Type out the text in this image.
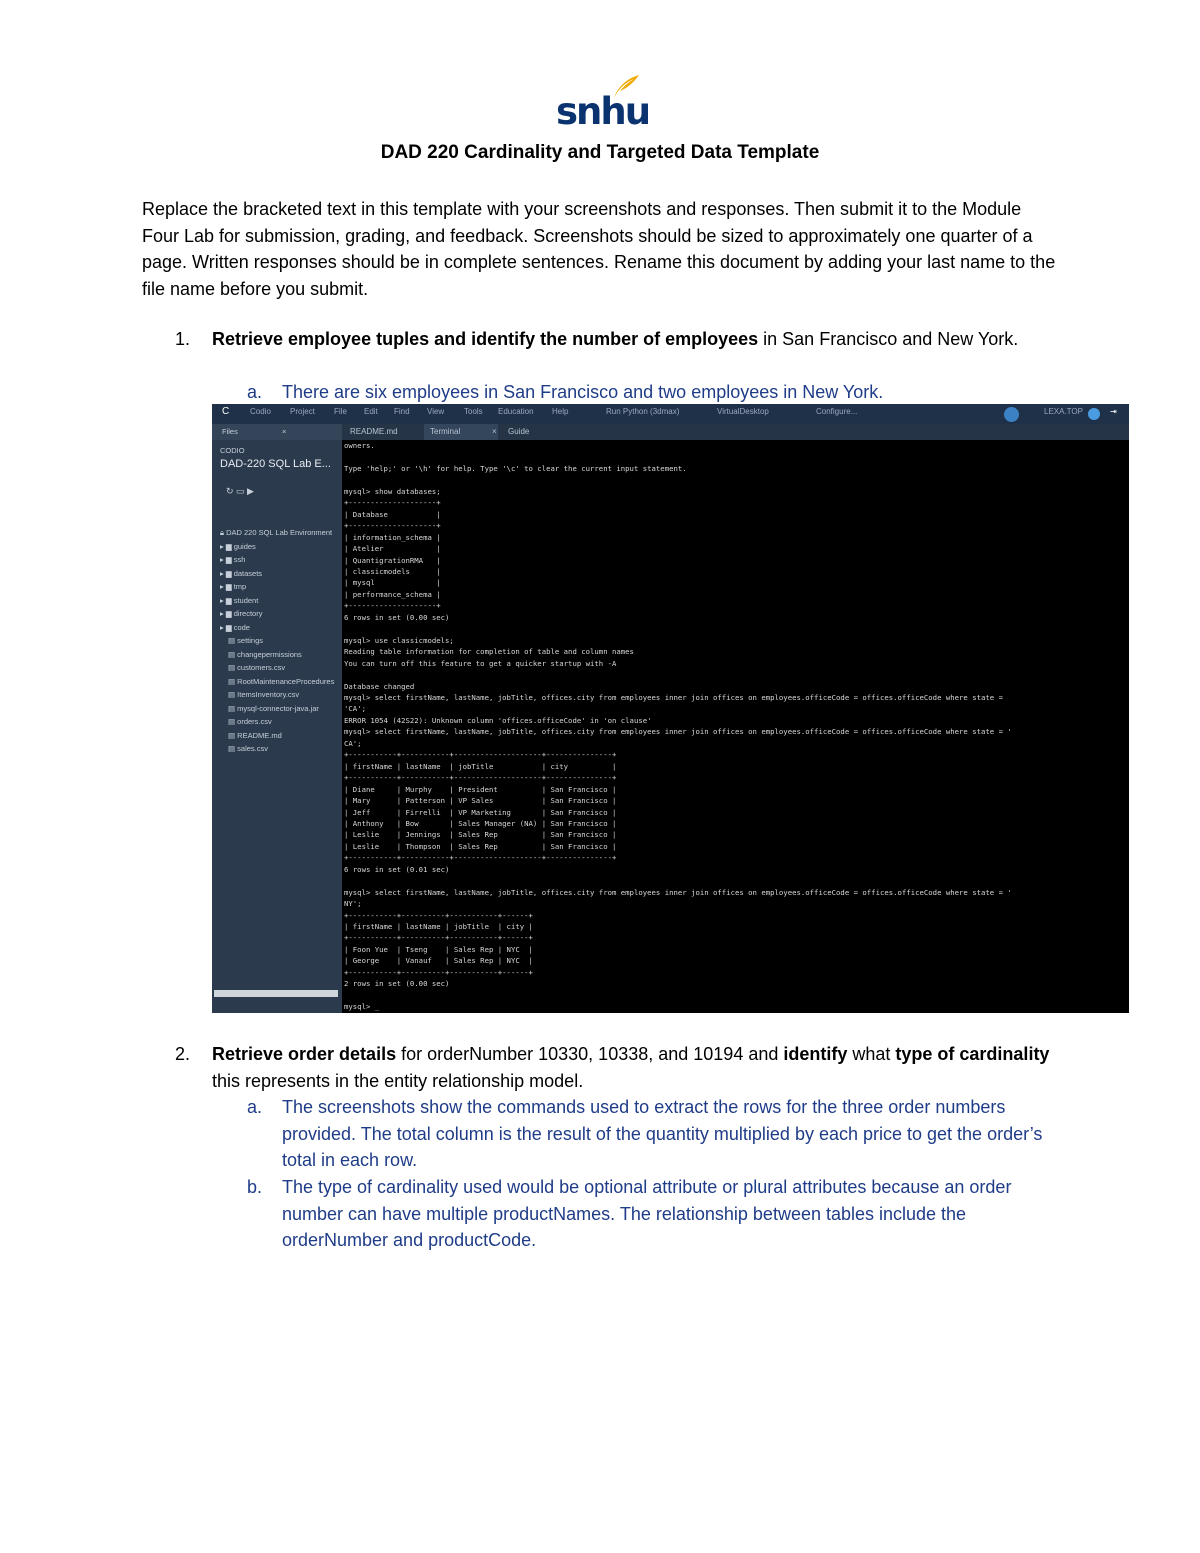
snhu
DAD 220 Cardinality and Targeted Data Template
Replace the bracketed text in this template with your screenshots and responses. Then submit it to the Module Four Lab for submission, grading, and feedback. Screenshots should be sized to approximately one quarter of a page. Written responses should be in complete sentences. Rename this document by adding your last name to the file name before you submit.
1. Retrieve employee tuples and identify the number of employees in San Francisco and New York.
a. There are six employees in San Francisco and two employees in New York.
C	Codio Project File Edit Find View Tools Education Help	Run Python (3dmax)	VirtualDesktop	Configure...	LEXA.TOP	⇥
Files	×
CODIO
DAD-220 SQL Lab E...
↻ ▭ ▶
🔒︎ DAD 220 SQL Lab Environment
▸ ▆ guides
▸ ▆ ssh
▸ ▆ datasets
▸ ▆ tmp
▸ ▆ student
▸ ▆ directory
▸ ▆ code
▤ settings
▤ changepermissions
▤ customers.csv
▤ RootMaintenanceProcedures
▤ ItemsInventory.csv
▤ mysql-connector-java.jar
▤ orders.csv
▤ README.md
▤ sales.csv
README.md	Terminal	× Guide
owners.

Type 'help;' or '\h' for help. Type '\c' to clear the current input statement.

mysql> show databases;
+--------------------+
| Database           |
+--------------------+
| information_schema |
| Atelier            |
| QuantigrationRMA   |
| classicmodels      |
| mysql              |
| performance_schema |
+--------------------+
6 rows in set (0.00 sec)

mysql> use classicmodels;
Reading table information for completion of table and column names
You can turn off this feature to get a quicker startup with -A

Database changed
mysql> select firstName, lastName, jobTitle, offices.city from employees inner join offices on employees.officeCode = offices.officeCode where state =
'CA';
ERROR 1054 (42S22): Unknown column 'offices.officeCode' in 'on clause'
mysql> select firstName, lastName, jobTitle, offices.city from employees inner join offices on employees.officeCode = offices.officeCode where state = '
CA';
+-----------+-----------+--------------------+---------------+
| firstName | lastName  | jobTitle           | city          |
+-----------+-----------+--------------------+---------------+
| Diane     | Murphy    | President          | San Francisco |
| Mary      | Patterson | VP Sales           | San Francisco |
| Jeff      | Firrelli  | VP Marketing       | San Francisco |
| Anthony   | Bow       | Sales Manager (NA) | San Francisco |
| Leslie    | Jennings  | Sales Rep          | San Francisco |
| Leslie    | Thompson  | Sales Rep          | San Francisco |
+-----------+-----------+--------------------+---------------+
6 rows in set (0.01 sec)

mysql> select firstName, lastName, jobTitle, offices.city from employees inner join offices on employees.officeCode = offices.officeCode where state = '
NY';
+-----------+----------+-----------+------+
| firstName | lastName | jobTitle  | city |
+-----------+----------+-----------+------+
| Foon Yue  | Tseng    | Sales Rep | NYC  |
| George    | Vanauf   | Sales Rep | NYC  |
+-----------+----------+-----------+------+
2 rows in set (0.00 sec)

mysql> _
2. Retrieve order details for orderNumber 10330, 10338, and 10194 and identify what type of cardinality this represents in the entity relationship model.
a. The screenshots show the commands used to extract the rows for the three order numbers provided. The total column is the result of the quantity multiplied by each price to get the order’s total in each row.
b. The type of cardinality used would be optional attribute or plural attributes because an order number can have multiple productNames. The relationship between tables include the orderNumber and productCode.
